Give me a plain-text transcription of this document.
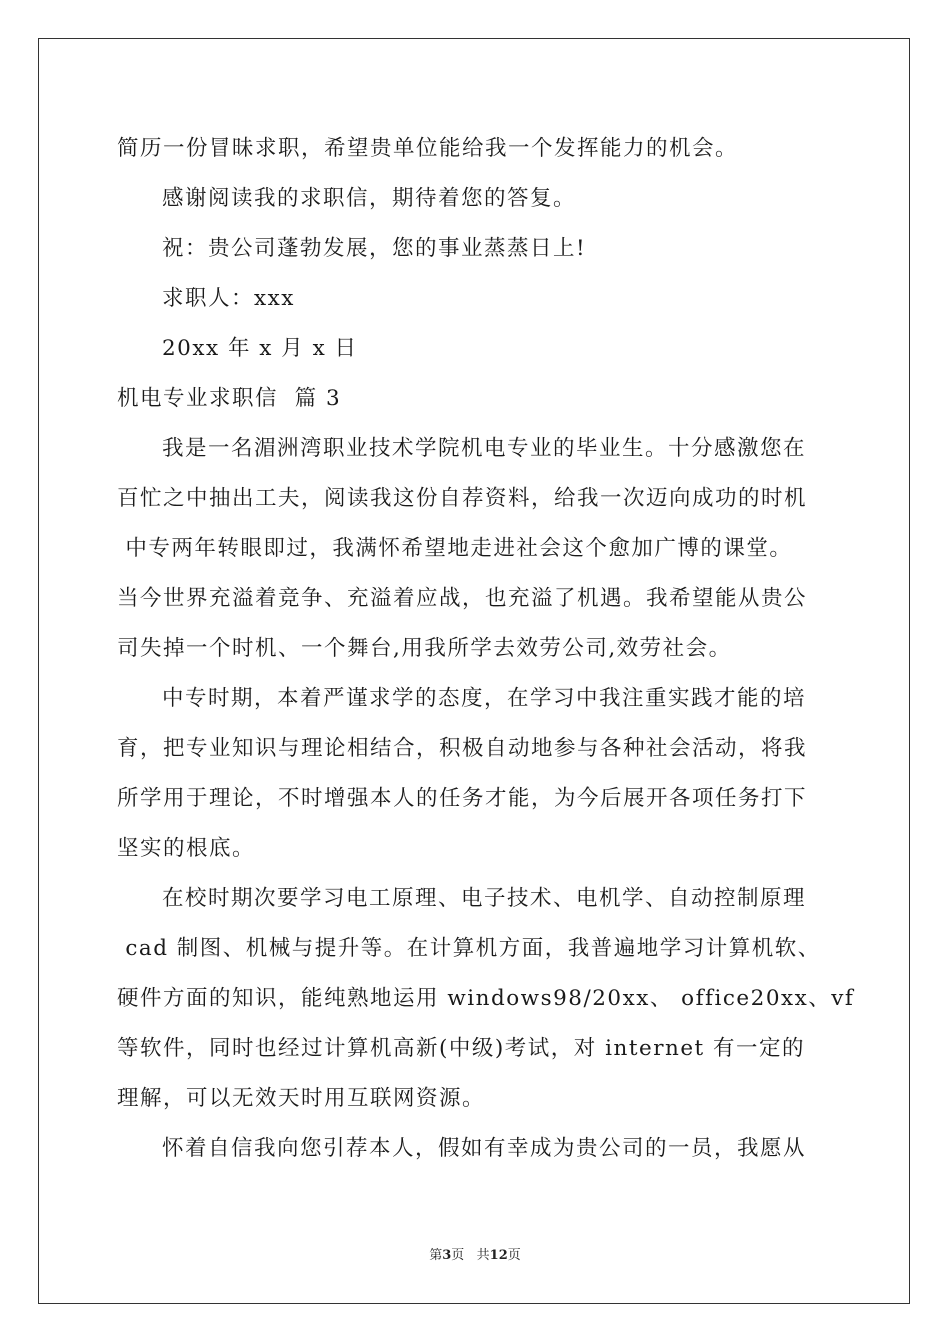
简历一份冒昧求职，希望贵单位能给我一个发挥能力的机会。
感谢阅读我的求职信，期待着您的答复。
祝：贵公司蓬勃发展，您的事业蒸蒸日上!
求职人：xxx
20xx 年 x 月 x 日
机电专业求职信  篇 3
我是一名湄洲湾职业技术学院机电专业的毕业生。十分感激您在
百忙之中抽出工夫，阅读我这份自荐资料，给我一次迈向成功的时机
中专两年转眼即过，我满怀希望地走进社会这个愈加广博的课堂。
当今世界充溢着竞争、充溢着应战，也充溢了机遇。我希望能从贵公
司失掉一个时机、一个舞台,用我所学去效劳公司,效劳社会。
中专时期，本着严谨求学的态度，在学习中我注重实践才能的培
育，把专业知识与理论相结合，积极自动地参与各种社会活动，将我
所学用于理论，不时增强本人的任务才能，为今后展开各项任务打下
坚实的根底。
在校时期次要学习电工原理、电子技术、电机学、自动控制原理
cad 制图、机械与提升等。在计算机方面，我普遍地学习计算机软、
硬件方面的知识，能纯熟地运用 windows98/20xx、 office20xx、vf
等软件，同时也经过计算机高新(中级)考试，对 internet 有一定的
理解，可以无效天时用互联网资源。
怀着自信我向您引荐本人，假如有幸成为贵公司的一员，我愿从
第3页   共12页
